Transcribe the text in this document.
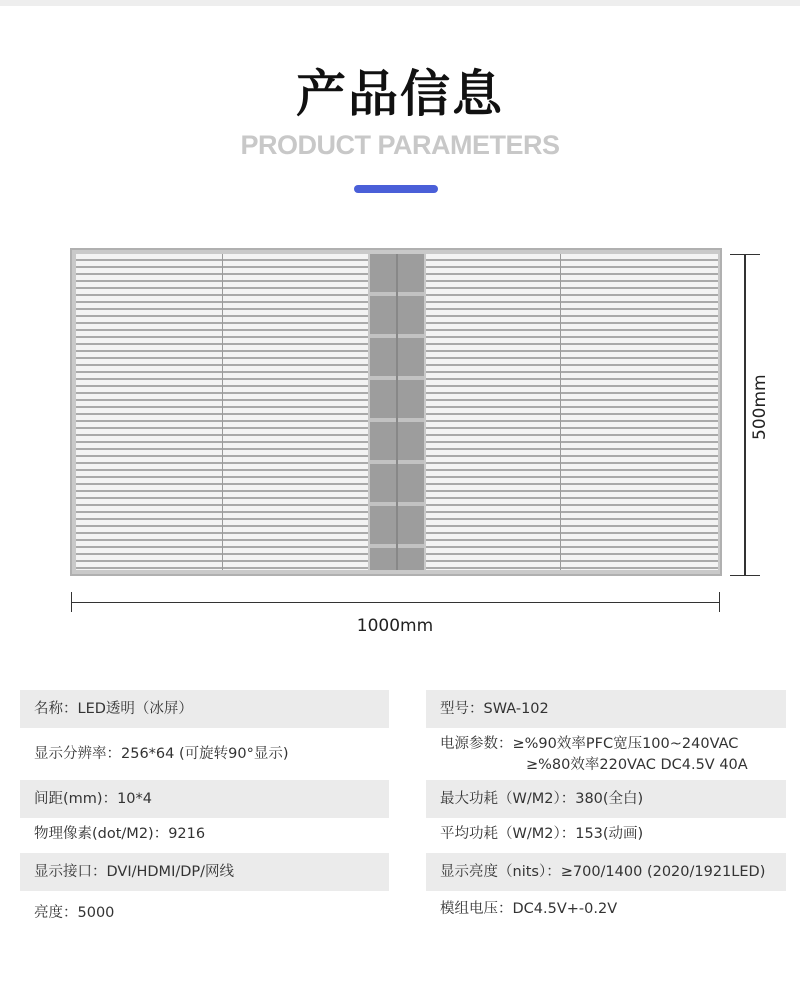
产品信息
PRODUCT PARAMETERS
500mm
1000mm
名称：LED透明（冰屏）
显示分辨率：256*64 (可旋转90°显示)
间距(mm)：10*4
物理像素(dot/M2)：9216
显示接口：DVI/HDMI/DP/网线
亮度：5000
型号：SWA-102
电源参数：≥%90效率PFC宽压100~240VAC
≥%80效率220VAC DC4.5V 40A
最大功耗（W/M2）：380(全白)
平均功耗（W/M2）：153(动画)
显示亮度（nits）：≥700/1400 (2020/1921LED)
模组电压：DC4.5V+-0.2V
